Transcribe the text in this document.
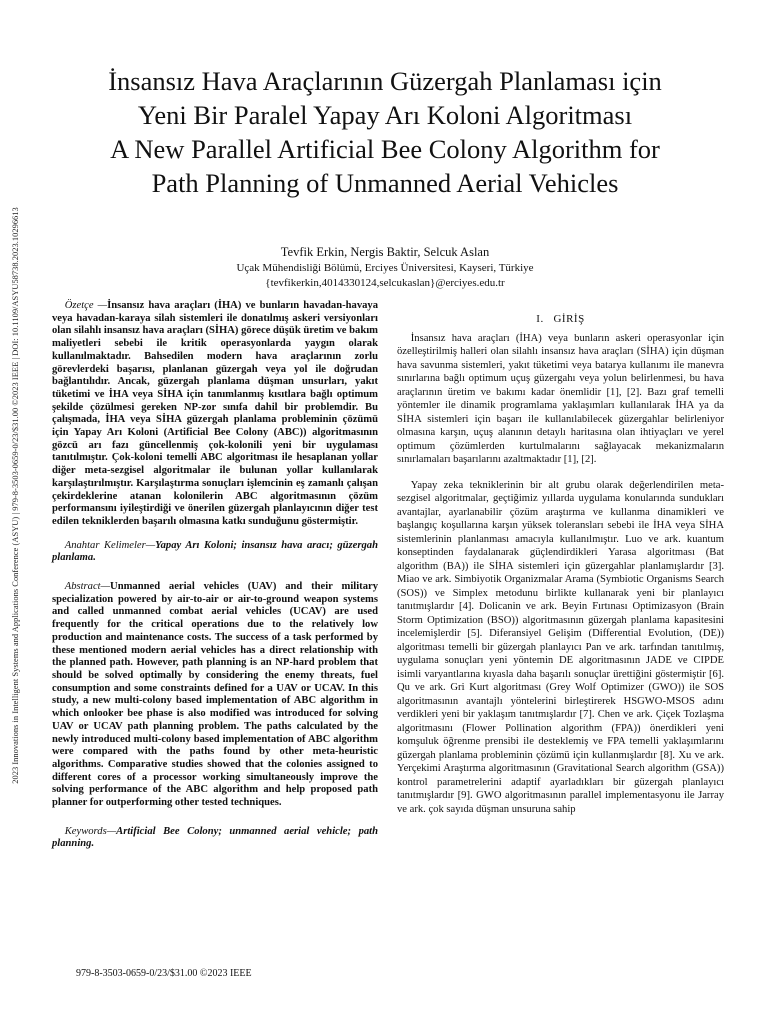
2023 Innovations in Intelligent Systems and Applications Conference (ASYU) | 979-8-3503-0659-0/23/$31.00 ©2023 IEEE | DOI: 10.1109/ASYU58738.2023.10296613
İnsansız Hava Araçlarının Güzergah Planlaması için
Yeni Bir Paralel Yapay Arı Koloni Algoritması
A New Parallel Artificial Bee Colony Algorithm for
Path Planning of Unmanned Aerial Vehicles
Tevfik Erkin, Nergis Baktir, Selcuk Aslan
Uçak Mühendisliği Bölümü, Erciyes Üniversitesi, Kayseri, Türkiye
{tevfikerkin,4014330124,selcukaslan}@erciyes.edu.tr

Özetçe —İnsansız hava araçları (İHA) ve bunların havadan-havaya veya havadan-karaya silah sistemleri ile donatılmış askeri versiyonları olan silahlı insansız hava araçları (SİHA) görece düşük üretim ve bakım maliyetleri sebebi ile kritik operasyonlarda yaygın olarak kullanılmaktadır. Bahsedilen modern hava araçlarının zorlu görevlerdeki başarısı, planlanan güzergah veya yol ile doğrudan bağlantılıdır. Ancak, güzergah planlama düşman unsurları, yakıt tüketimi ve İHA veya SİHA için tanımlanmış kısıtlara bağlı optimum şekilde çözülmesi gereken NP-zor sınıfa dahil bir problemdir. Bu çalışmada, İHA veya SİHA güzergah planlama probleminin çözümü için Yapay Arı Koloni (Artificial Bee Colony (ABC)) algoritmasının gözcü arı fazı güncellenmiş çok-kolonili yeni bir uygulaması tanıtılmıştır. Çok-koloni temelli ABC algoritması ile hesaplanan yollar diğer meta-sezgisel algoritmalar ile bulunan yollar kullanılarak karşılaştırılmıştır. Karşılaştırma sonuçları işlemcinin eş zamanlı çalışan çekirdeklerine atanan kolonilerin ABC algoritmasının çözüm performansını iyileştirdiği ve önerilen güzergah planlayıcının diğer test edilen tekniklerden başarılı olmasına katkı sunduğunu göstermiştir.

Anahtar Kelimeler—Yapay Arı Koloni; insansız hava aracı; güzergah planlama.

Abstract—Unmanned aerial vehicles (UAV) and their military specialization powered by air-to-air or air-to-ground weapon systems and called unmanned combat aerial vehicles (UCAV) are used frequently for the critical operations due to the relatively low production and maintenance costs. The success of a task performed by these mentioned modern aerial vehicles has a direct relationship with the planned path. However, path planning is an NP-hard problem that should be solved optimally by considering the enemy threats, fuel consumption and some constraints defined for a UAV or UCAV. In this study, a new multi-colony based implementation of ABC algorithm in which onlooker bee phase is also modified was introduced for solving UAV or UCAV path planning problem. The paths calculated by the newly introduced multi-colony based implementation of ABC algorithm were compared with the paths found by other meta-heuristic algorithms. Comparative studies showed that the colonies assigned to different cores of a processor working simultaneously improve the solving performance of the ABC algorithm and help proposed path planner for outperforming other tested techniques.

Keywords—Artificial Bee Colony; unmanned aerial vehicle; path planning.

I. GİRİŞ

İnsansız hava araçları (İHA) veya bunların askeri operasyonlar için özelleştirilmiş halleri olan silahlı insansız hava araçları (SİHA) için düşman hava savunma sistemleri, yakıt tüketimi veya batarya kullanımı ile manevra sınırlarına bağlı optimum uçuş güzergahı veya yolun belirlenmesi, bu hava araçlarının üretim ve bakımı kadar önemlidir [1], [2]. Bazı graf temelli yöntemler ile dinamik programlama yaklaşımları kullanılarak İHA ya da SİHA sistemleri için başarı ile kullanılabilecek güzergahlar belirleniyor olmasına karşın, uçuş alanının detaylı haritasına olan ihtiyaçları ve yerel optimum çözümlerden kurtulmalarını sağlayacak mekanizmaların sınırlamaları başarılarını azaltmaktadır [1], [2].

Yapay zeka tekniklerinin bir alt grubu olarak değerlendirilen meta-sezgisel algoritmalar, geçtiğimiz yıllarda uygulama konularında sundukları avantajlar, ayarlanabilir çözüm araştırma ve kullanma dinamikleri ve başlangıç koşullarına karşın yüksek toleransları sebebi ile İHA veya SİHA sistemlerinin planlanması amacıyla kullanılmıştır. Luo ve ark. kuantum konseptinden faydalanarak güçlendirdikleri Yarasa algoritması (Bat algorithm (BA)) ile SİHA sistemleri için güzergahlar planlamışlardır [3]. Miao ve ark. Simbiyotik Organizmalar Arama (Symbiotic Organisms Search (SOS)) ve Simplex metodunu birlikte kullanarak yeni bir planlayıcı tanıtmışlardır [4]. Dolicanin ve ark. Beyin Fırtınası Optimizasyon (Brain Storm Optimization (BSO)) algoritmasının güzergah planlama kapasitesini incelemişlerdir [5]. Diferansiyel Gelişim (Differential Evolution, (DE)) algoritması temelli bir güzergah planlayıcı Pan ve ark. tarfından tanıtılmış, uygulama sonuçları yeni yöntemin DE algoritmasının JADE ve CIPDE isimli varyantlarına kıyasla daha başarılı sonuçlar ürettiğini göstermiştir [6]. Qu ve ark. Gri Kurt algoritması (Grey Wolf Optimizer (GWO)) ile SOS algoritmasının avantajlı yöntelerini birleştirerek HSGWO-MSOS adını verdikleri yeni bir yaklaşım tanıtmışlardır [7]. Chen ve ark. Çiçek Tozlaşma algoritmasını (Flower Pollination algorithm (FPA)) önerdikleri yeni komşuluk öğrenme prensibi ile desteklemiş ve FPA temelli yaklaşımlarını güzergah planlama probleminin çözümü için kullanmışlardır [8]. Xu ve ark. Yerçekimi Araştırma algoritmasının (Gravitational Search algorithm (GSA)) kontrol parametrelerini adaptif ayarladıkları bir güzergah planlayıcı tanıtmışlardır [9]. GWO algoritmasının parallel implementasyonu ile Jarray ve ark. çok sayıda düşman unsuruna sahip

979-8-3503-0659-0/23/$31.00 ©2023 IEEE
